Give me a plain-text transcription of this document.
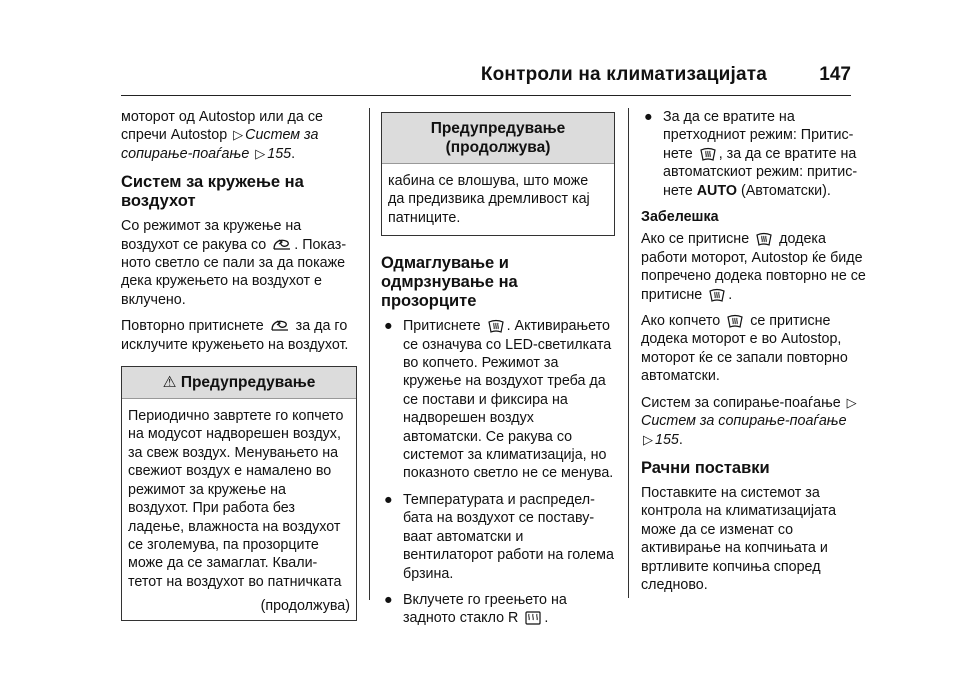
Контроли на климатизацијата	147

моторот од Autostop или да се спречи Autostop ▷ Систем за сопирање-поаѓање ▷ 155.

Систем за кружење на воздухот

Со режимот за кружење на воздухот се ракува со . Показ-ното светло се пали за да покаже дека кружењето на воздухот е вклучено.

Повторно притиснете за да го исклучите кружењето на воздухот.

⚠ Предупредување
Периодично завртете го копчето на модусот надворешен воздух, за свеж воздух. Менувањето на свежиот воздух е намалено во режимот за кружење на воздухот. При работа без ладење, влажноста на воздухот се зголемува, па прозорците може да се замаглат. Квали-тетот на воздухот во патничката
(продолжува)
Предупредување (продолжува)
кабина се влошува, што може да предизвика дремливост кај патниците.
Одмаглување и одмрзнување на прозорците
● Притиснете . Активирањето се означува со LED-светилката во копчето. Режимот за кружење на воздухот треба да се постави и фиксира на надворешен воздух автоматски. Се ракува со системот за климатизација, но показното светло не се менува.
● Температурата и распредел-бата на воздухот се поставу-ваат автоматски и вентилаторот работи на голема брзина.
● Вклучете го греењето на задното стакло R .
● За да се вратите на претходниот режим: Притис-нете , за да се вратите на автоматскиот режим: притис-нете AUTO (Автоматски).
Забелешка

Ако се притисне додека работи моторот, Autostop ќе биде попречено додека повторно не се притисне .

Ако копчето се притисне додека моторот е во Autostop, моторот ќе се запали повторно автоматски.

Систем за сопирање-поаѓање ▷
Систем за сопирање-поаѓање
▷ 155.

Рачни поставки

Поставките на системот за контрола на климатизацијата може да се изменат со активирање на копчињата и вртливите копчиња според следново.
